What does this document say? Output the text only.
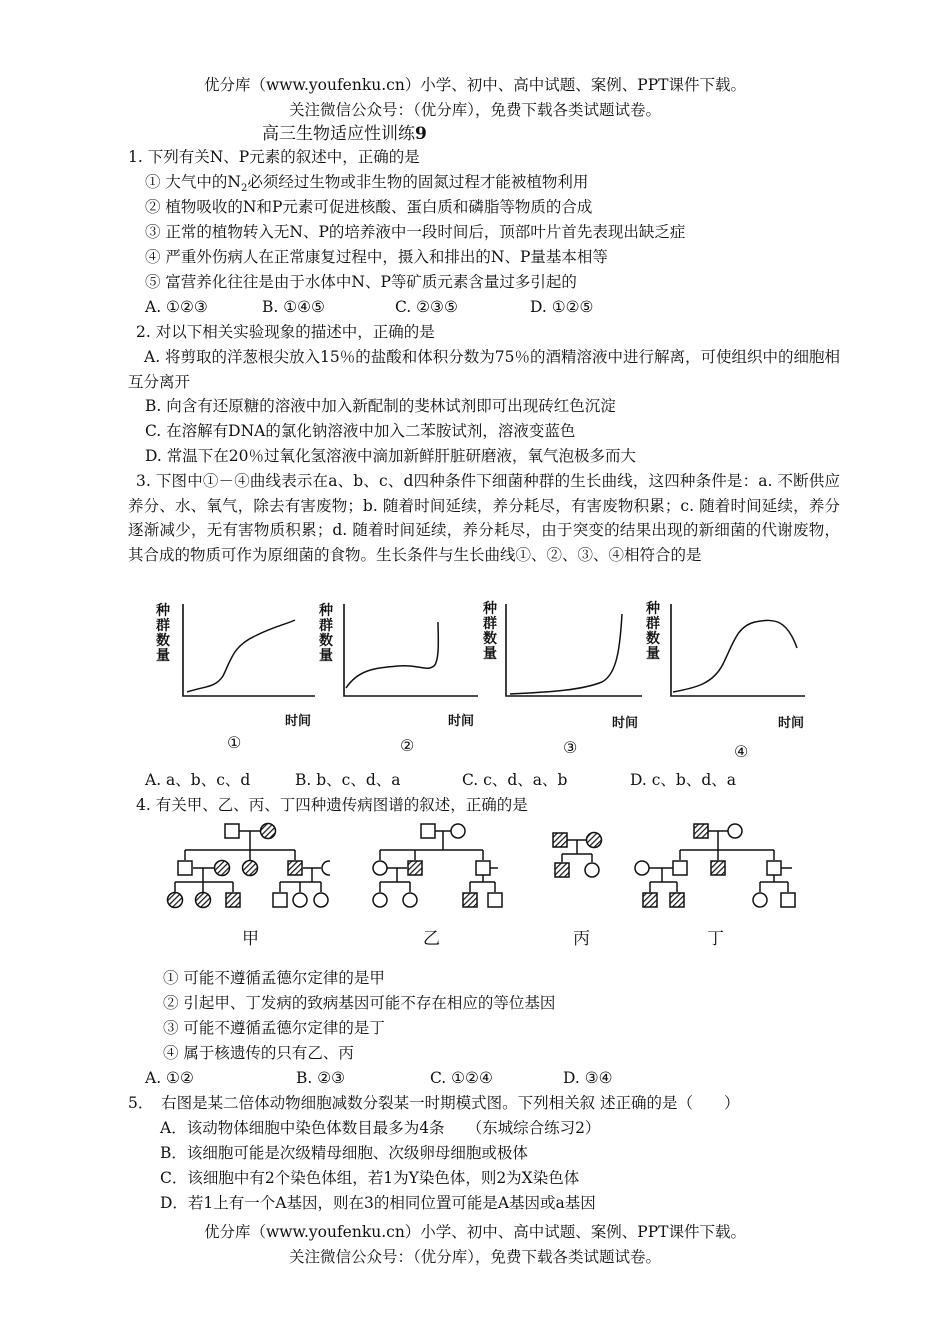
优分库（www.youfenku.cn）小学、初中、高中试题、案例、PPT课件下载。
关注微信公众号：（优分库），免费下载各类试题试卷。
高三生物适应性训练9
1. 下列有关N、P元素的叙述中，正确的是
① 大气中的$N_2$必须经过生物或非生物的固氮过程才能被植物利用
② 植物吸收的N和P元素可促进核酸、蛋白质和磷脂等物质的合成
③ 正常的植物转入无N、P的培养液中一段时间后，顶部叶片首先表现出缺乏症
④ 严重外伤病人在正常康复过程中，摄入和排出的N、P量基本相等
⑤ 富营养化往往是由于水体中N、P等矿质元素含量过多引起的
A. ①②③	B. ①④⑤	C. ②③⑤	D. ①②⑤
2. 对以下相关实验现象的描述中，正确的是
A. 将剪取的洋葱根尖放入15％的盐酸和体积分数为75％的酒精溶液中进行解离，可使组织中的细胞相互分离开
B. 向含有还原糖的溶液中加入新配制的斐林试剂即可出现砖红色沉淀
C. 在溶解有DNA的氯化钠溶液中加入二苯胺试剂，溶液变蓝色
D. 常温下在20％过氧化氢溶液中滴加新鲜肝脏研磨液，氧气泡极多而大
3. 下图中①－④曲线表示在a、b、c、d四种条件下细菌种群的生长曲线，这四种条件是：a. 不断供应养分、水、氧气，除去有害废物；b. 随着时间延续，养分耗尽，有害废物积累；c. 随着时间延续，养分逐渐减少，无有害物质积累；d. 随着时间延续，养分耗尽，由于突变的结果出现的新细菌的代谢废物，其合成的物质可作为原细菌的食物。生长条件与生长曲线①、②、③、④相符合的是
种群数量
时间
①
种群数量
时间
②
种群数量
时间
③
种群数量
时间
④
A. a、b、c、d	B. b、c、d、a	C. c、d、a、b	D. c、b、d、a
4. 有关甲、乙、丙、丁四种遗传病图谱的叙述，正确的是
甲	乙	丙	丁
① 可能不遵循孟德尔定律的是甲
② 引起甲、丁发病的致病基因可能不存在相应的等位基因
③ 可能不遵循孟德尔定律的是丁
④ 属于核遗传的只有乙、丙
A. ①②	B. ②③	C. ①②④	D. ③④
5．　右图是某二倍体动物细胞减数分裂某一时期模式图。下列相关叙 述正确的是（　　）
A．该动物体细胞中染色体数目最多为4条 （东城综合练习2）
B．该细胞可能是次级精母细胞、次级卵母细胞或极体
C．该细胞中有2个染色体组，若1为Y染色体，则2为X染色体
D．若1上有一个A基因，则在3的相同位置可能是A基因或a基因
优分库（www.youfenku.cn）小学、初中、高中试题、案例、PPT课件下载。
关注微信公众号：（优分库），免费下载各类试题试卷。
